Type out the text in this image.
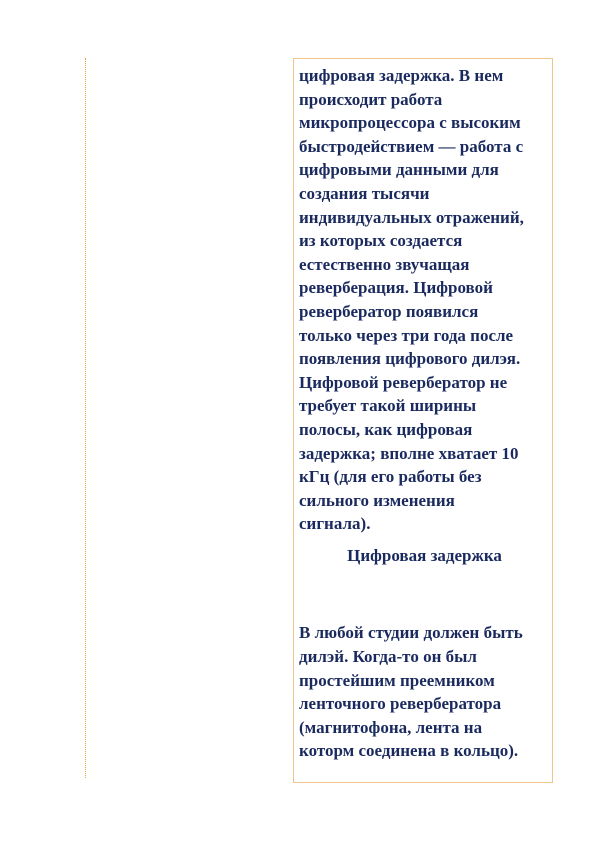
цифровая задержка. В нем
происходит работа
микропроцессора с высоким
быстродействием — работа с
цифровыми данными для
создания тысячи
индивидуальных отражений,
из которых создается
естественно звучащая
реверберация. Цифровой
ревербератор появился
только через три года после
появления цифрового дилэя.
Цифровой ревербератор не
требует такой ширины
полосы, как цифровая
задержка; вполне хватает 10
кГц (для его работы без
сильного изменения
сигнала).

Цифровая задержка

В любой студии должен быть
дилэй. Когда-то он был
простейшим преемником
ленточного ревербератора
(магнитофона, лента на
которм соединена в кольцо).
